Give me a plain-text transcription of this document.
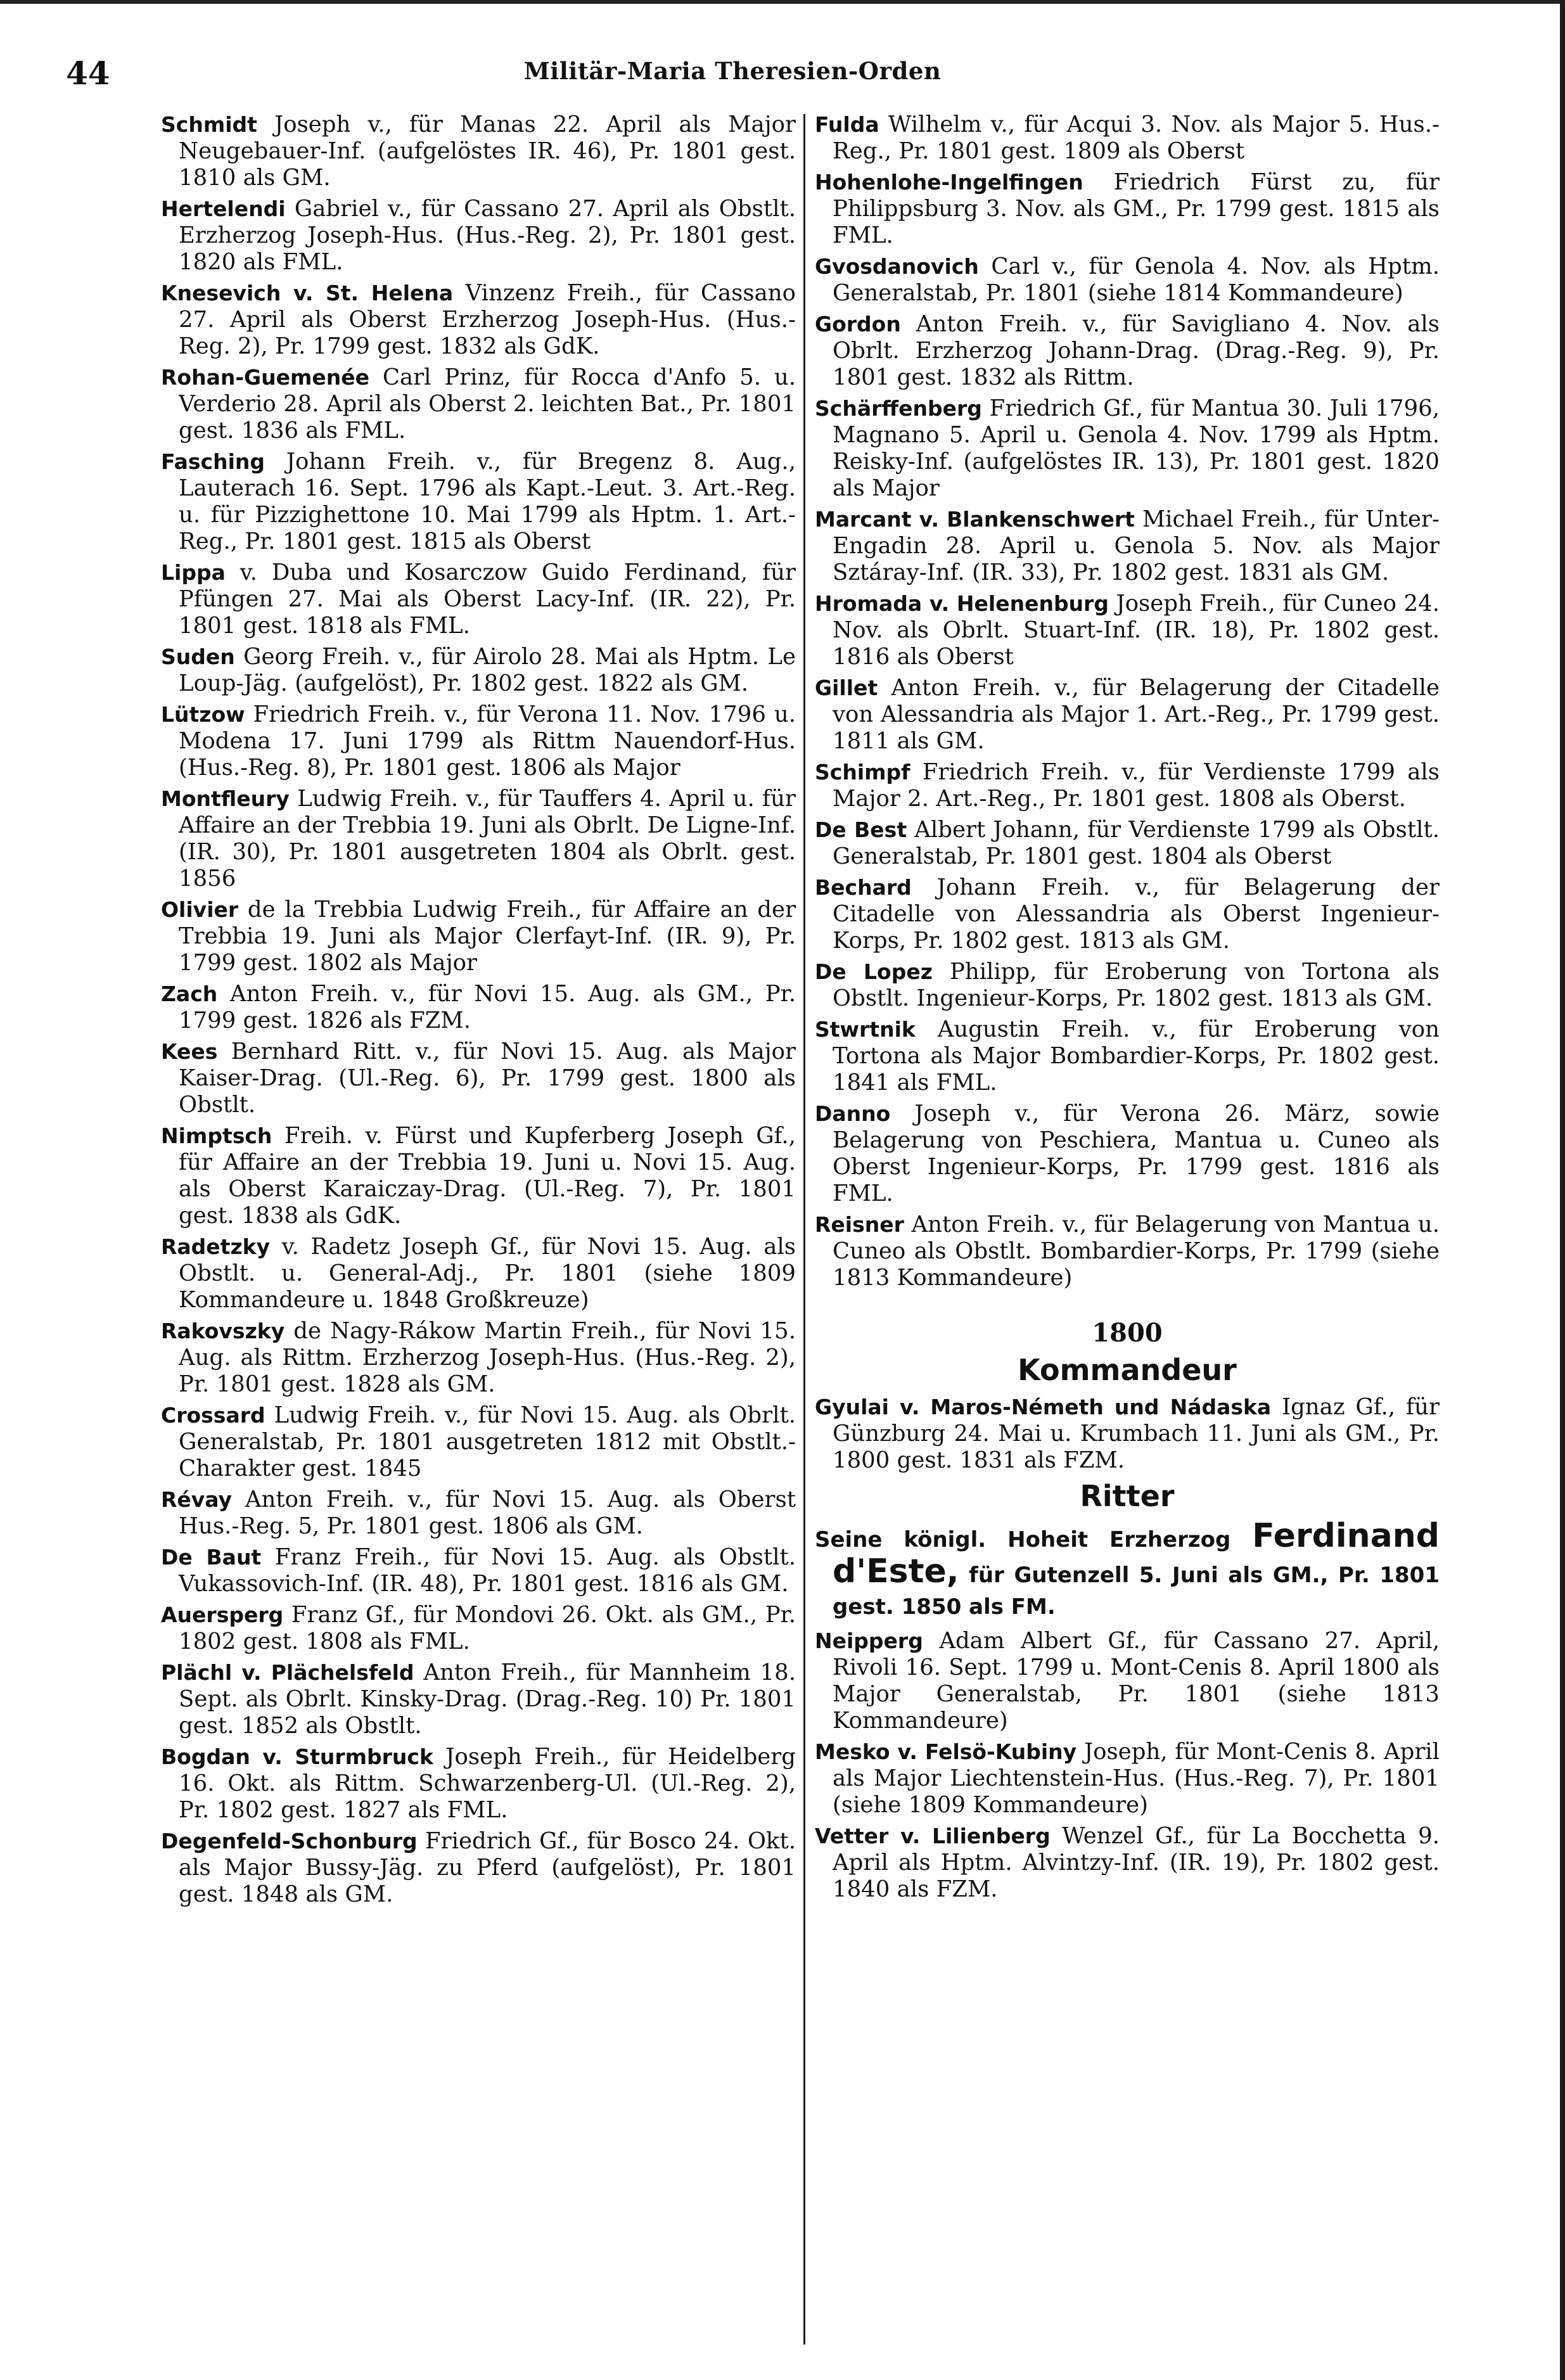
44	Militär-Maria Theresien-Orden

Schmidt Joseph v., für Manas 22. April als Major Neugebauer-Inf. (aufgelöstes IR. 46), Pr. 1801 gest. 1810 als GM.

Hertelendi Gabriel v., für Cassano 27. April als Obstlt. Erzherzog Joseph-Hus. (Hus.-Reg. 2), Pr. 1801 gest. 1820 als FML.

Knesevich v. St. Helena Vinzenz Freih., für Cassano 27. April als Oberst Erzherzog Joseph-Hus. (Hus.-Reg. 2), Pr. 1799 gest. 1832 als GdK.

Rohan-Guemenée Carl Prinz, für Rocca d'Anfo 5. u. Verderio 28. April als Oberst 2. leichten Bat., Pr. 1801 gest. 1836 als FML.

Fasching Johann Freih. v., für Bregenz 8. Aug., Lauterach 16. Sept. 1796 als Kapt.-Leut. 3. Art.-Reg. u. für Pizzighettone 10. Mai 1799 als Hptm. 1. Art.-Reg., Pr. 1801 gest. 1815 als Oberst

Lippa v. Duba und Kosarczow Guido Ferdinand, für Pfüngen 27. Mai als Oberst Lacy-Inf. (IR. 22), Pr. 1801 gest. 1818 als FML.

Suden Georg Freih. v., für Airolo 28. Mai als Hptm. Le Loup-Jäg. (aufgelöst), Pr. 1802 gest. 1822 als GM.

Lützow Friedrich Freih. v., für Verona 11. Nov. 1796 u. Modena 17. Juni 1799 als Rittm Nauendorf-Hus. (Hus.-Reg. 8), Pr. 1801 gest. 1806 als Major

Montfleury Ludwig Freih. v., für Tauffers 4. April u. für Affaire an der Trebbia 19. Juni als Obrlt. De Ligne-Inf. (IR. 30), Pr. 1801 ausgetreten 1804 als Obrlt. gest. 1856

Olivier de la Trebbia Ludwig Freih., für Affaire an der Trebbia 19. Juni als Major Clerfayt-Inf. (IR. 9), Pr. 1799 gest. 1802 als Major

Zach Anton Freih. v., für Novi 15. Aug. als GM., Pr. 1799 gest. 1826 als FZM.

Kees Bernhard Ritt. v., für Novi 15. Aug. als Major Kaiser-Drag. (Ul.-Reg. 6), Pr. 1799 gest. 1800 als Obstlt.

Nimptsch Freih. v. Fürst und Kupferberg Joseph Gf., für Affaire an der Trebbia 19. Juni u. Novi 15. Aug. als Oberst Karaiczay-Drag. (Ul.-Reg. 7), Pr. 1801 gest. 1838 als GdK.

Radetzky v. Radetz Joseph Gf., für Novi 15. Aug. als Obstlt. u. General-Adj., Pr. 1801 (siehe 1809 Kommandeure u. 1848 Großkreuze)

Rakovszky de Nagy-Rákow Martin Freih., für Novi 15. Aug. als Rittm. Erzherzog Joseph-Hus. (Hus.-Reg. 2), Pr. 1801 gest. 1828 als GM.

Crossard Ludwig Freih. v., für Novi 15. Aug. als Obrlt. Generalstab, Pr. 1801 ausgetreten 1812 mit Obstlt.-Charakter gest. 1845

Révay Anton Freih. v., für Novi 15. Aug. als Oberst Hus.-Reg. 5, Pr. 1801 gest. 1806 als GM.

De Baut Franz Freih., für Novi 15. Aug. als Obstlt. Vukassovich-Inf. (IR. 48), Pr. 1801 gest. 1816 als GM.

Auersperg Franz Gf., für Mondovi 26. Okt. als GM., Pr. 1802 gest. 1808 als FML.

Plächl v. Plächelsfeld Anton Freih., für Mannheim 18. Sept. als Obrlt. Kinsky-Drag. (Drag.-Reg. 10) Pr. 1801 gest. 1852 als Obstlt.

Bogdan v. Sturmbruck Joseph Freih., für Heidelberg 16. Okt. als Rittm. Schwarzenberg-Ul. (Ul.-Reg. 2), Pr. 1802 gest. 1827 als FML.

Degenfeld-Schonburg Friedrich Gf., für Bosco 24. Okt. als Major Bussy-Jäg. zu Pferd (aufgelöst), Pr. 1801 gest. 1848 als GM.

Fulda Wilhelm v., für Acqui 3. Nov. als Major 5. Hus.-Reg., Pr. 1801 gest. 1809 als Oberst

Hohenlohe-Ingelfingen Friedrich Fürst zu, für Philippsburg 3. Nov. als GM., Pr. 1799 gest. 1815 als FML.

Gvosdanovich Carl v., für Genola 4. Nov. als Hptm. Generalstab, Pr. 1801 (siehe 1814 Kommandeure)

Gordon Anton Freih. v., für Savigliano 4. Nov. als Obrlt. Erzherzog Johann-Drag. (Drag.-Reg. 9), Pr. 1801 gest. 1832 als Rittm.

Schärffenberg Friedrich Gf., für Mantua 30. Juli 1796, Magnano 5. April u. Genola 4. Nov. 1799 als Hptm. Reisky-Inf. (aufgelöstes IR. 13), Pr. 1801 gest. 1820 als Major

Marcant v. Blankenschwert Michael Freih., für Unter-Engadin 28. April u. Genola 5. Nov. als Major Sztáray-Inf. (IR. 33), Pr. 1802 gest. 1831 als GM.

Hromada v. Helenenburg Joseph Freih., für Cuneo 24. Nov. als Obrlt. Stuart-Inf. (IR. 18), Pr. 1802 gest. 1816 als Oberst

Gillet Anton Freih. v., für Belagerung der Citadelle von Alessandria als Major 1. Art.-Reg., Pr. 1799 gest. 1811 als GM.

Schimpf Friedrich Freih. v., für Verdienste 1799 als Major 2. Art.-Reg., Pr. 1801 gest. 1808 als Oberst.

De Best Albert Johann, für Verdienste 1799 als Obstlt. Generalstab, Pr. 1801 gest. 1804 als Oberst

Bechard Johann Freih. v., für Belagerung der Citadelle von Alessandria als Oberst Ingenieur-Korps, Pr. 1802 gest. 1813 als GM.

De Lopez Philipp, für Eroberung von Tortona als Obstlt. Ingenieur-Korps, Pr. 1802 gest. 1813 als GM.

Stwrtnik Augustin Freih. v., für Eroberung von Tortona als Major Bombardier-Korps, Pr. 1802 gest. 1841 als FML.

Danno Joseph v., für Verona 26. März, sowie Belagerung von Peschiera, Mantua u. Cuneo als Oberst Ingenieur-Korps, Pr. 1799 gest. 1816 als FML.

Reisner Anton Freih. v., für Belagerung von Mantua u. Cuneo als Obstlt. Bombardier-Korps, Pr. 1799 (siehe 1813 Kommandeure)

1800
Kommandeur

Gyulai v. Maros-Németh und Nádaska Ignaz Gf., für Günzburg 24. Mai u. Krumbach 11. Juni als GM., Pr. 1800 gest. 1831 als FZM.

Ritter

Seine königl. Hoheit Erzherzog Ferdinand d'Este, für Gutenzell 5. Juni als GM., Pr. 1801 gest. 1850 als FM.

Neipperg Adam Albert Gf., für Cassano 27. April, Rivoli 16. Sept. 1799 u. Mont-Cenis 8. April 1800 als Major Generalstab, Pr. 1801 (siehe 1813 Kommandeure)

Mesko v. Felsö-Kubiny Joseph, für Mont-Cenis 8. April als Major Liechtenstein-Hus. (Hus.-Reg. 7), Pr. 1801 (siehe 1809 Kommandeure)

Vetter v. Lilienberg Wenzel Gf., für La Bocchetta 9. April als Hptm. Alvintzy-Inf. (IR. 19), Pr. 1802 gest. 1840 als FZM.
